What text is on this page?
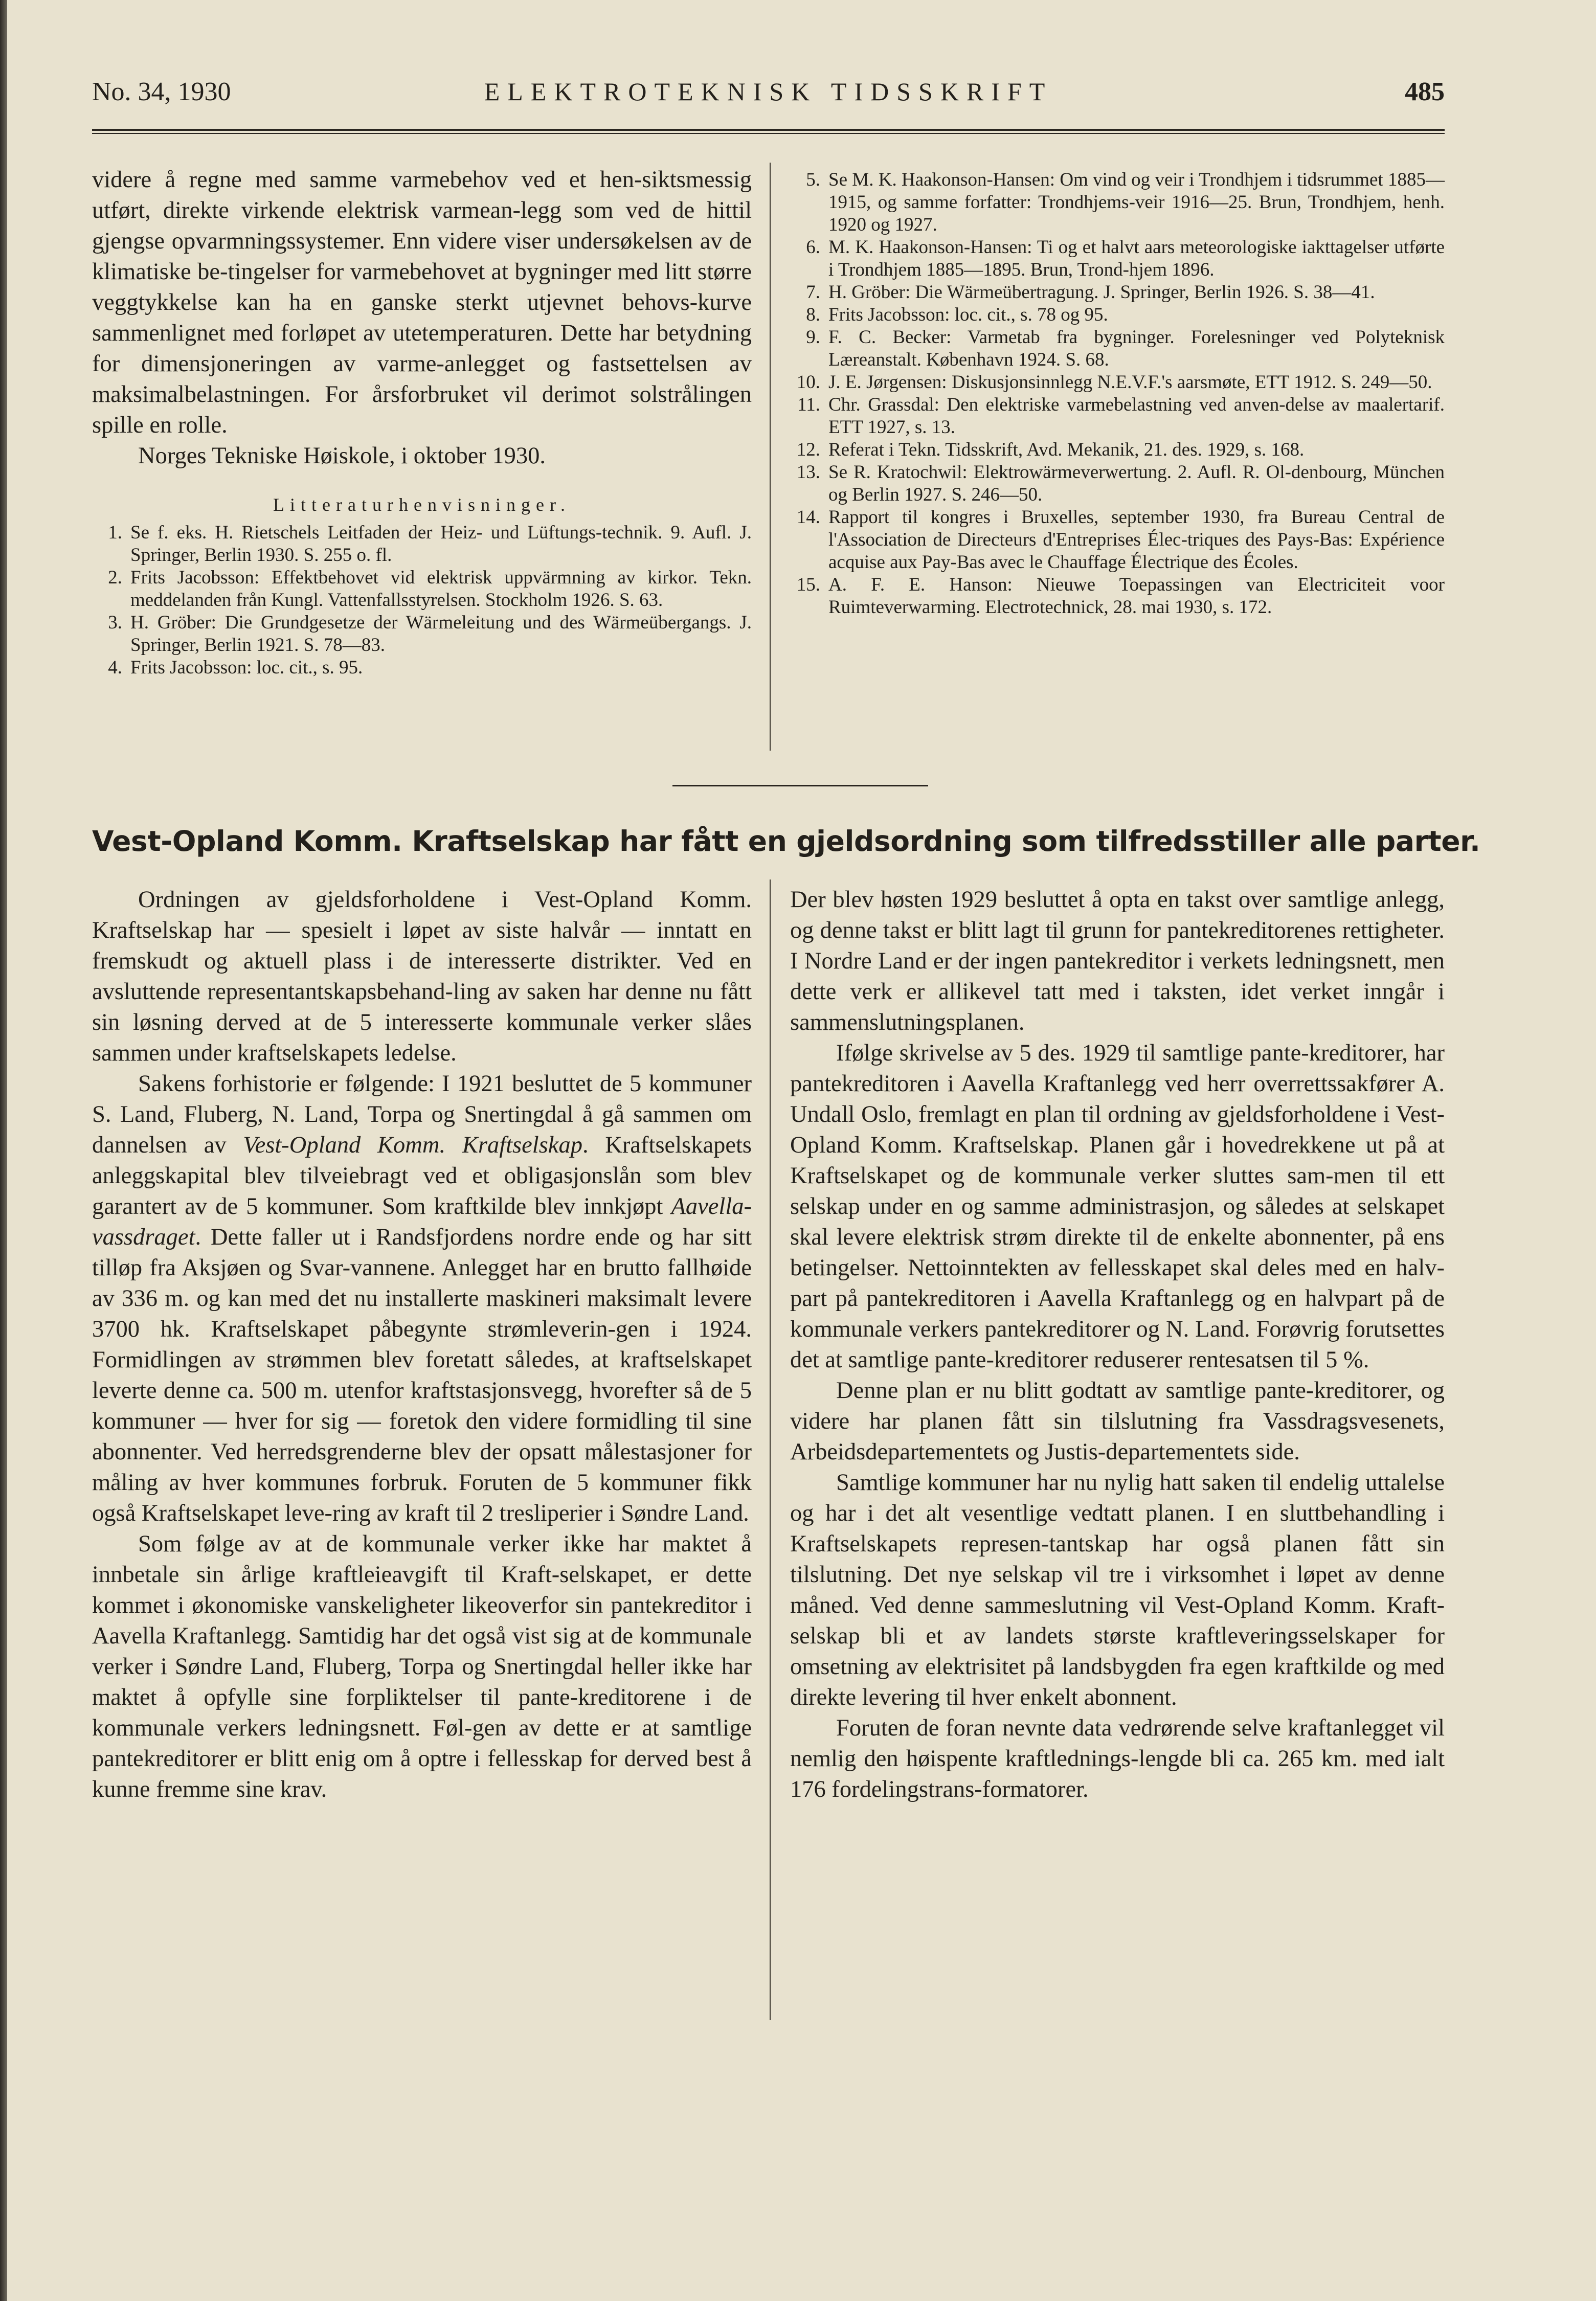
No. 34, 1930	ELEKTROTEKNISK TIDSSKRIFT	485

videre å regne med samme varmebehov ved et hen-siktsmessig utført, direkte virkende elektrisk varmean-legg som ved de hittil gjengse opvarmningssystemer. Enn videre viser undersøkelsen av de klimatiske be-tingelser for varmebehovet at bygninger med litt større veggtykkelse kan ha en ganske sterkt utjevnet behovs-kurve sammenlignet med forløpet av utetemperaturen. Dette har betydning for dimensjoneringen av varme-anlegget og fastsettelsen av maksimalbelastningen. For årsforbruket vil derimot solstrålingen spille en rolle.

Norges Tekniske Høiskole, i oktober 1930.

Litteraturhenvisninger.
1. Se f. eks. H. Rietschels Leitfaden der Heiz- und Lüftungs-technik. 9. Aufl. J. Springer, Berlin 1930. S. 255 o. fl.
2. Frits Jacobsson: Effektbehovet vid elektrisk uppvärmning av kirkor. Tekn. meddelanden från Kungl. Vattenfallsstyrelsen. Stockholm 1926. S. 63.
3. H. Gröber: Die Grundgesetze der Wärmeleitung und des Wärmeübergangs. J. Springer, Berlin 1921. S. 78—83.
4. Frits Jacobsson: loc. cit., s. 95.
5. Se M. K. Haakonson-Hansen: Om vind og veir i Trondhjem i tidsrummet 1885—1915, og samme forfatter: Trondhjems-veir 1916—25. Brun, Trondhjem, henh. 1920 og 1927.
6. M. K. Haakonson-Hansen: Ti og et halvt aars meteorologiske iakttagelser utførte i Trondhjem 1885—1895. Brun, Trond-hjem 1896.
7. H. Gröber: Die Wärmeübertragung. J. Springer, Berlin 1926. S. 38—41.
8. Frits Jacobsson: loc. cit., s. 78 og 95.
9. F. C. Becker: Varmetab fra bygninger. Forelesninger ved Polyteknisk Læreanstalt. København 1924. S. 68.
10. J. E. Jørgensen: Diskusjonsinnlegg N.E.V.F.'s aarsmøte, ETT 1912. S. 249—50.
11. Chr. Grassdal: Den elektriske varmebelastning ved anven-delse av maalertarif. ETT 1927, s. 13.
12. Referat i Tekn. Tidsskrift, Avd. Mekanik, 21. des. 1929, s. 168.
13. Se R. Kratochwil: Elektrowärmeverwertung. 2. Aufl. R. Ol-denbourg, München og Berlin 1927. S. 246—50.
14. Rapport til kongres i Bruxelles, september 1930, fra Bureau Central de l'Association de Directeurs d'Entreprises Élec-triques des Pays-Bas: Expérience acquise aux Pay-Bas avec le Chauffage Électrique des Écoles.
15. A. F. E. Hanson: Nieuwe Toepassingen van Electriciteit voor Ruimteverwarming. Electrotechnick, 28. mai 1930, s. 172.
Vest-Opland Komm. Kraftselskap har fått en gjeldsordning som tilfredsstiller alle parter.

Ordningen av gjeldsforholdene i Vest-Opland Komm. Kraftselskap har — spesielt i løpet av siste halvår — inntatt en fremskudt og aktuell plass i de interesserte distrikter. Ved en avsluttende representantskapsbehand-ling av saken har denne nu fått sin løsning derved at de 5 interesserte kommunale verker slåes sammen under kraftselskapets ledelse.

Sakens forhistorie er følgende: I 1921 besluttet de 5 kommuner S. Land, Fluberg, N. Land, Torpa og Snertingdal å gå sammen om dannelsen av Vest-Opland Komm. Kraftselskap. Kraftselskapets anleggskapital blev tilveiebragt ved et obligasjonslån som blev garantert av de 5 kommuner. Som kraftkilde blev innkjøpt Aavella-vassdraget. Dette faller ut i Randsfjordens nordre ende og har sitt tilløp fra Aksjøen og Svar-vannene. Anlegget har en brutto fallhøide av 336 m. og kan med det nu installerte maskineri maksimalt levere 3700 hk. Kraftselskapet påbegynte strømleverin-gen i 1924. Formidlingen av strømmen blev foretatt således, at kraftselskapet leverte denne ca. 500 m. utenfor kraftstasjonsvegg, hvorefter så de 5 kommuner — hver for sig — foretok den videre formidling til sine abonnenter. Ved herredsgrenderne blev der opsatt målestasjoner for måling av hver kommunes forbruk. Foruten de 5 kommuner fikk også Kraftselskapet leve-ring av kraft til 2 tresliperier i Søndre Land.

Som følge av at de kommunale verker ikke har maktet å innbetale sin årlige kraftleieavgift til Kraft-selskapet, er dette kommet i økonomiske vanskeligheter likeoverfor sin pantekreditor i Aavella Kraftanlegg. Samtidig har det også vist sig at de kommunale verker i Søndre Land, Fluberg, Torpa og Snertingdal heller ikke har maktet å opfylle sine forpliktelser til pante-kreditorene i de kommunale verkers ledningsnett. Føl-gen av dette er at samtlige pantekreditorer er blitt enig om å optre i fellesskap for derved best å kunne fremme sine krav.

Der blev høsten 1929 besluttet å opta en takst over samtlige anlegg, og denne takst er blitt lagt til grunn for pantekreditorenes rettigheter. I Nordre Land er der ingen pantekreditor i verkets ledningsnett, men dette verk er allikevel tatt med i taksten, idet verket inngår i sammenslutningsplanen.

Ifølge skrivelse av 5 des. 1929 til samtlige pante-kreditorer, har pantekreditoren i Aavella Kraftanlegg ved herr overrettssakfører A. Undall Oslo, fremlagt en plan til ordning av gjeldsforholdene i Vest-Opland Komm. Kraftselskap. Planen går i hovedrekkene ut på at Kraftselskapet og de kommunale verker sluttes sam-men til ett selskap under en og samme administrasjon, og således at selskapet skal levere elektrisk strøm direkte til de enkelte abonnenter, på ens betingelser. Nettoinntekten av fellesskapet skal deles med en halv-part på pantekreditoren i Aavella Kraftanlegg og en halvpart på de kommunale verkers pantekreditorer og N. Land. Forøvrig forutsettes det at samtlige pante-kreditorer reduserer rentesatsen til 5 %.

Denne plan er nu blitt godtatt av samtlige pante-kreditorer, og videre har planen fått sin tilslutning fra Vassdragsvesenets, Arbeidsdepartementets og Justis-departementets side.

Samtlige kommuner har nu nylig hatt saken til endelig uttalelse og har i det alt vesentlige vedtatt planen. I en sluttbehandling i Kraftselskapets represen-tantskap har også planen fått sin tilslutning. Det nye selskap vil tre i virksomhet i løpet av denne måned. Ved denne sammeslutning vil Vest-Opland Komm. Kraft-selskap bli et av landets største kraftleveringsselskaper for omsetning av elektrisitet på landsbygden fra egen kraftkilde og med direkte levering til hver enkelt abonnent.

Foruten de foran nevnte data vedrørende selve kraftanlegget vil nemlig den høispente kraftlednings-lengde bli ca. 265 km. med ialt 176 fordelingstrans-formatorer.
